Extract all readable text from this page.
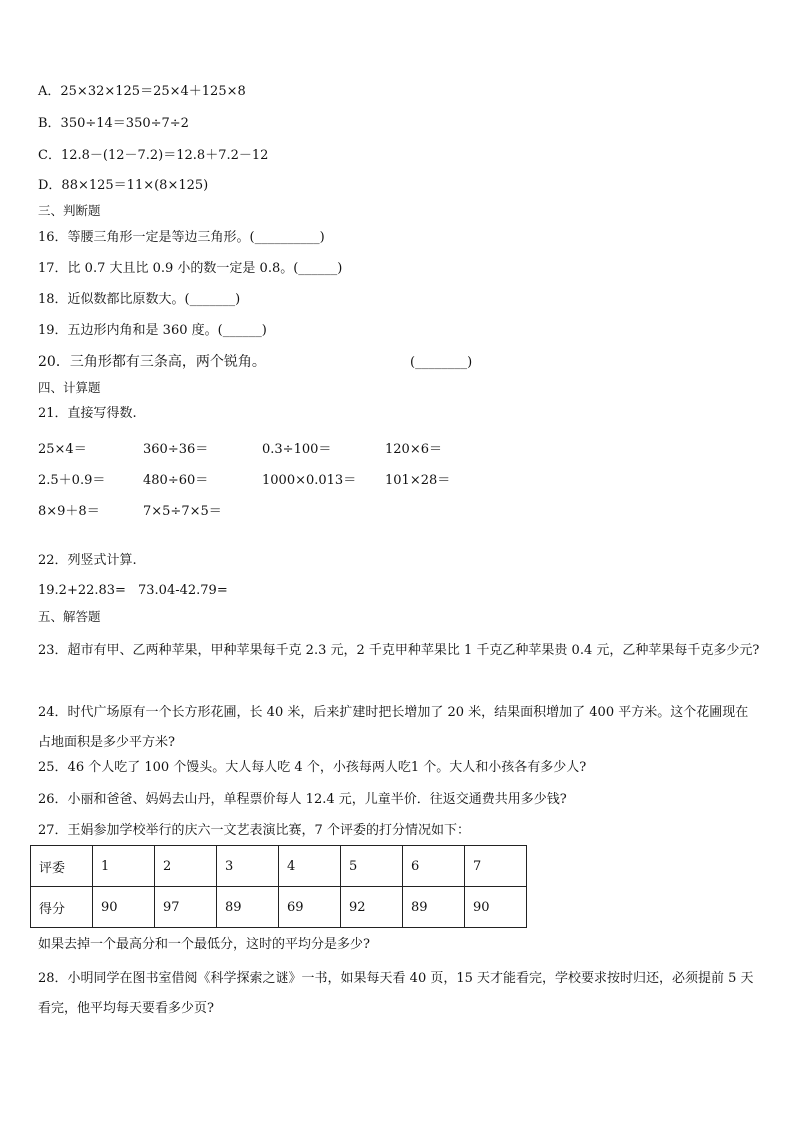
A．25×32×125＝25×4＋125×8
B．350÷14＝350÷7÷2
C．12.8－(12－7.2)＝12.8＋7.2－12
D．88×125＝11×(8×125)
三、判断题
16．等腰三角形一定是等边三角形。(__________)
17．比 0.7 大且比 0.9 小的数一定是 0.8。(______)
18．近似数都比原数大。(_______)
19．五边形内角和是 360 度。(______)
20．三角形都有三条高，两个锐角。	(________)
四、计算题
21．直接写得数.
25×4＝	360÷36＝	0.3÷100＝	120×6＝
2.5＋0.9＝	480÷60＝	1000×0.013＝ 101×28＝
8×9＋8＝	7×5÷7×5＝
22．列竖式计算.
19.2+22.83= 73.04-42.79=
五、解答题
23．超市有甲、乙两种苹果，甲种苹果每千克 2.3 元，2 千克甲种苹果比 1 千克乙种苹果贵 0.4 元，乙种苹果每千克多少元?
24．时代广场原有一个长方形花圃，长 40 米，后来扩建时把长增加了 20 米，结果面积增加了 400 平方米。这个花圃现在占地面积是多少平方米?
25．46 个人吃了 100 个馒头。大人每人吃 4 个，小孩每两人吃1 个。大人和小孩各有多少人?
26．小丽和爸爸、妈妈去山丹，单程票价每人 12.4 元，儿童半价．往返交通费共用多少钱?
27．王娟参加学校举行的庆六一文艺表演比赛，7 个评委的打分情况如下：
评委	1	2	3	4	5	6	7
得分	90	97	89	69	92	89	90
如果去掉一个最高分和一个最低分，这时的平均分是多少?
28．小明同学在图书室借阅《科学探索之谜》一书，如果每天看 40 页，15 天才能看完，学校要求按时归还，必须提前 5 天看完，他平均每天要看多少页?
